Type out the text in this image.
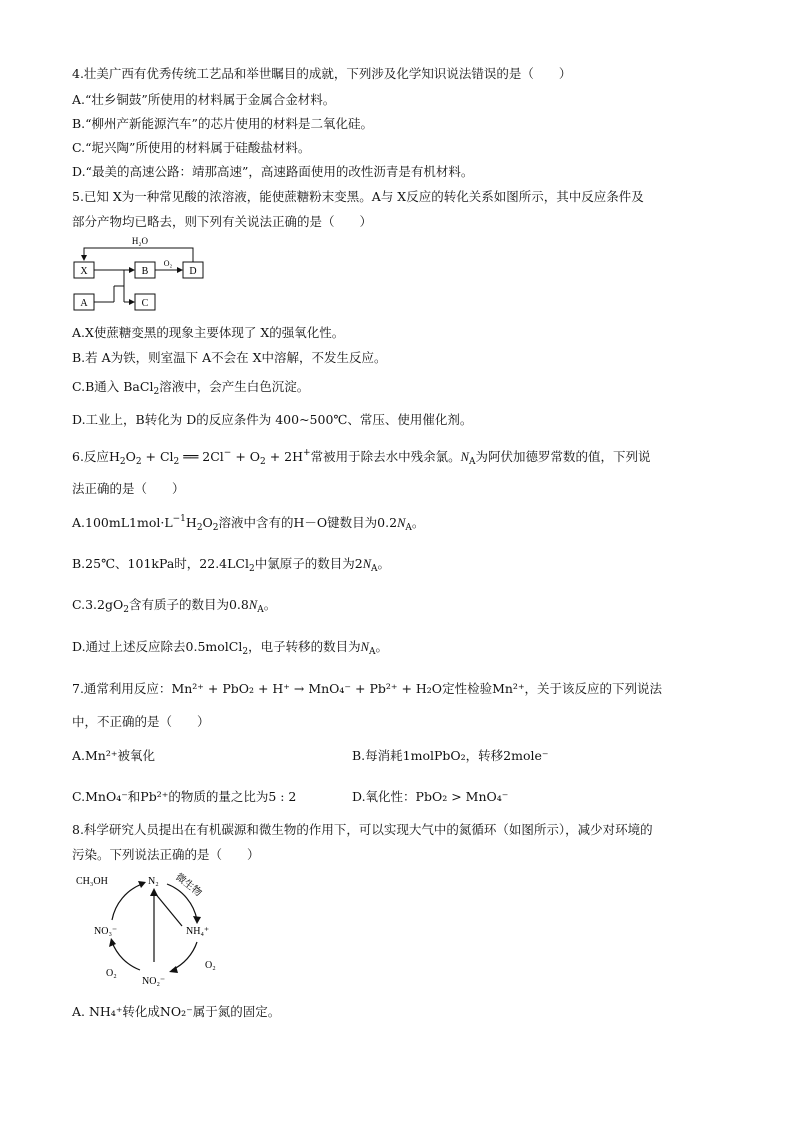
4.壮美广西有优秀传统工艺品和举世瞩目的成就，下列涉及化学知识说法错误的是（　　）
A.“壮乡铜鼓”所使用的材料属于金属合金材料。
B.“柳州产新能源汽车”的芯片使用的材料是二氧化硅。
C.“坭兴陶”所使用的材料属于硅酸盐材料。
D.“最美的高速公路：靖那高速”，高速路面使用的改性沥青是有机材料。
5.已知 X为一种常见酸的浓溶液，能使蔗糖粉末变黑。A与 X反应的转化关系如图所示，其中反应条件及
部分产物均已略去，则下列有关说法正确的是（　　）
X
A
B
C
D
H₂O
O₂
A.X使蔗糖变黑的现象主要体现了 X的强氧化性。
B.若 A为铁，则室温下 A不会在 X中溶解，不发生反应。
C.B通入 BaCl$_2$溶液中，会产生白色沉淀。
D.工业上，B转化为 D的反应条件为 400~500℃、常压、使用催化剂。
6.反应$H_2O_2 + Cl_2$ ══ $2Cl^- + O_2 + 2H^+$常被用于除去水中残余氯。$N_A$为阿伏加德罗常数的值，下列说
法正确的是（　　）
$A.100mL1mol\cdot L^{-1}H_2O_2$溶液中含有的H－O键数目为$0.2N_A$。
B.25℃、101kPa时，22.4LCl$_2$中氯原子的数目为$2N_A$。
$C.3.2gO_2$含有质子的数目为$0.8N_A$。
D.通过上述反应除去0.5molCl$_2$，电子转移的数目为$N_A$。
7.通常利用反应：Mn²⁺ + PbO₂ + H⁺ → MnO₄⁻ + Pb²⁺ + H₂O定性检验Mn²⁺，关于该反应的下列说法
中，不正确的是（　　）
A.Mn²⁺被氧化	B.每消耗1molPbO₂，转移2mole⁻
C.MnO₄⁻和Pb²⁺的物质的量之比为5 : 2	D.氧化性：PbO₂ > MnO₄⁻
8.科学研究人员提出在有机碳源和微生物的作用下，可以实现大气中的氮循环（如图所示），减少对环境的
污染。下列说法正确的是（　　）
CH₃OH	N₂ 微生物
NH₄⁺
NO₃⁻
NO₂⁻
O₂
O₂
A. NH₄⁺转化成NO₂⁻属于氮的固定。
